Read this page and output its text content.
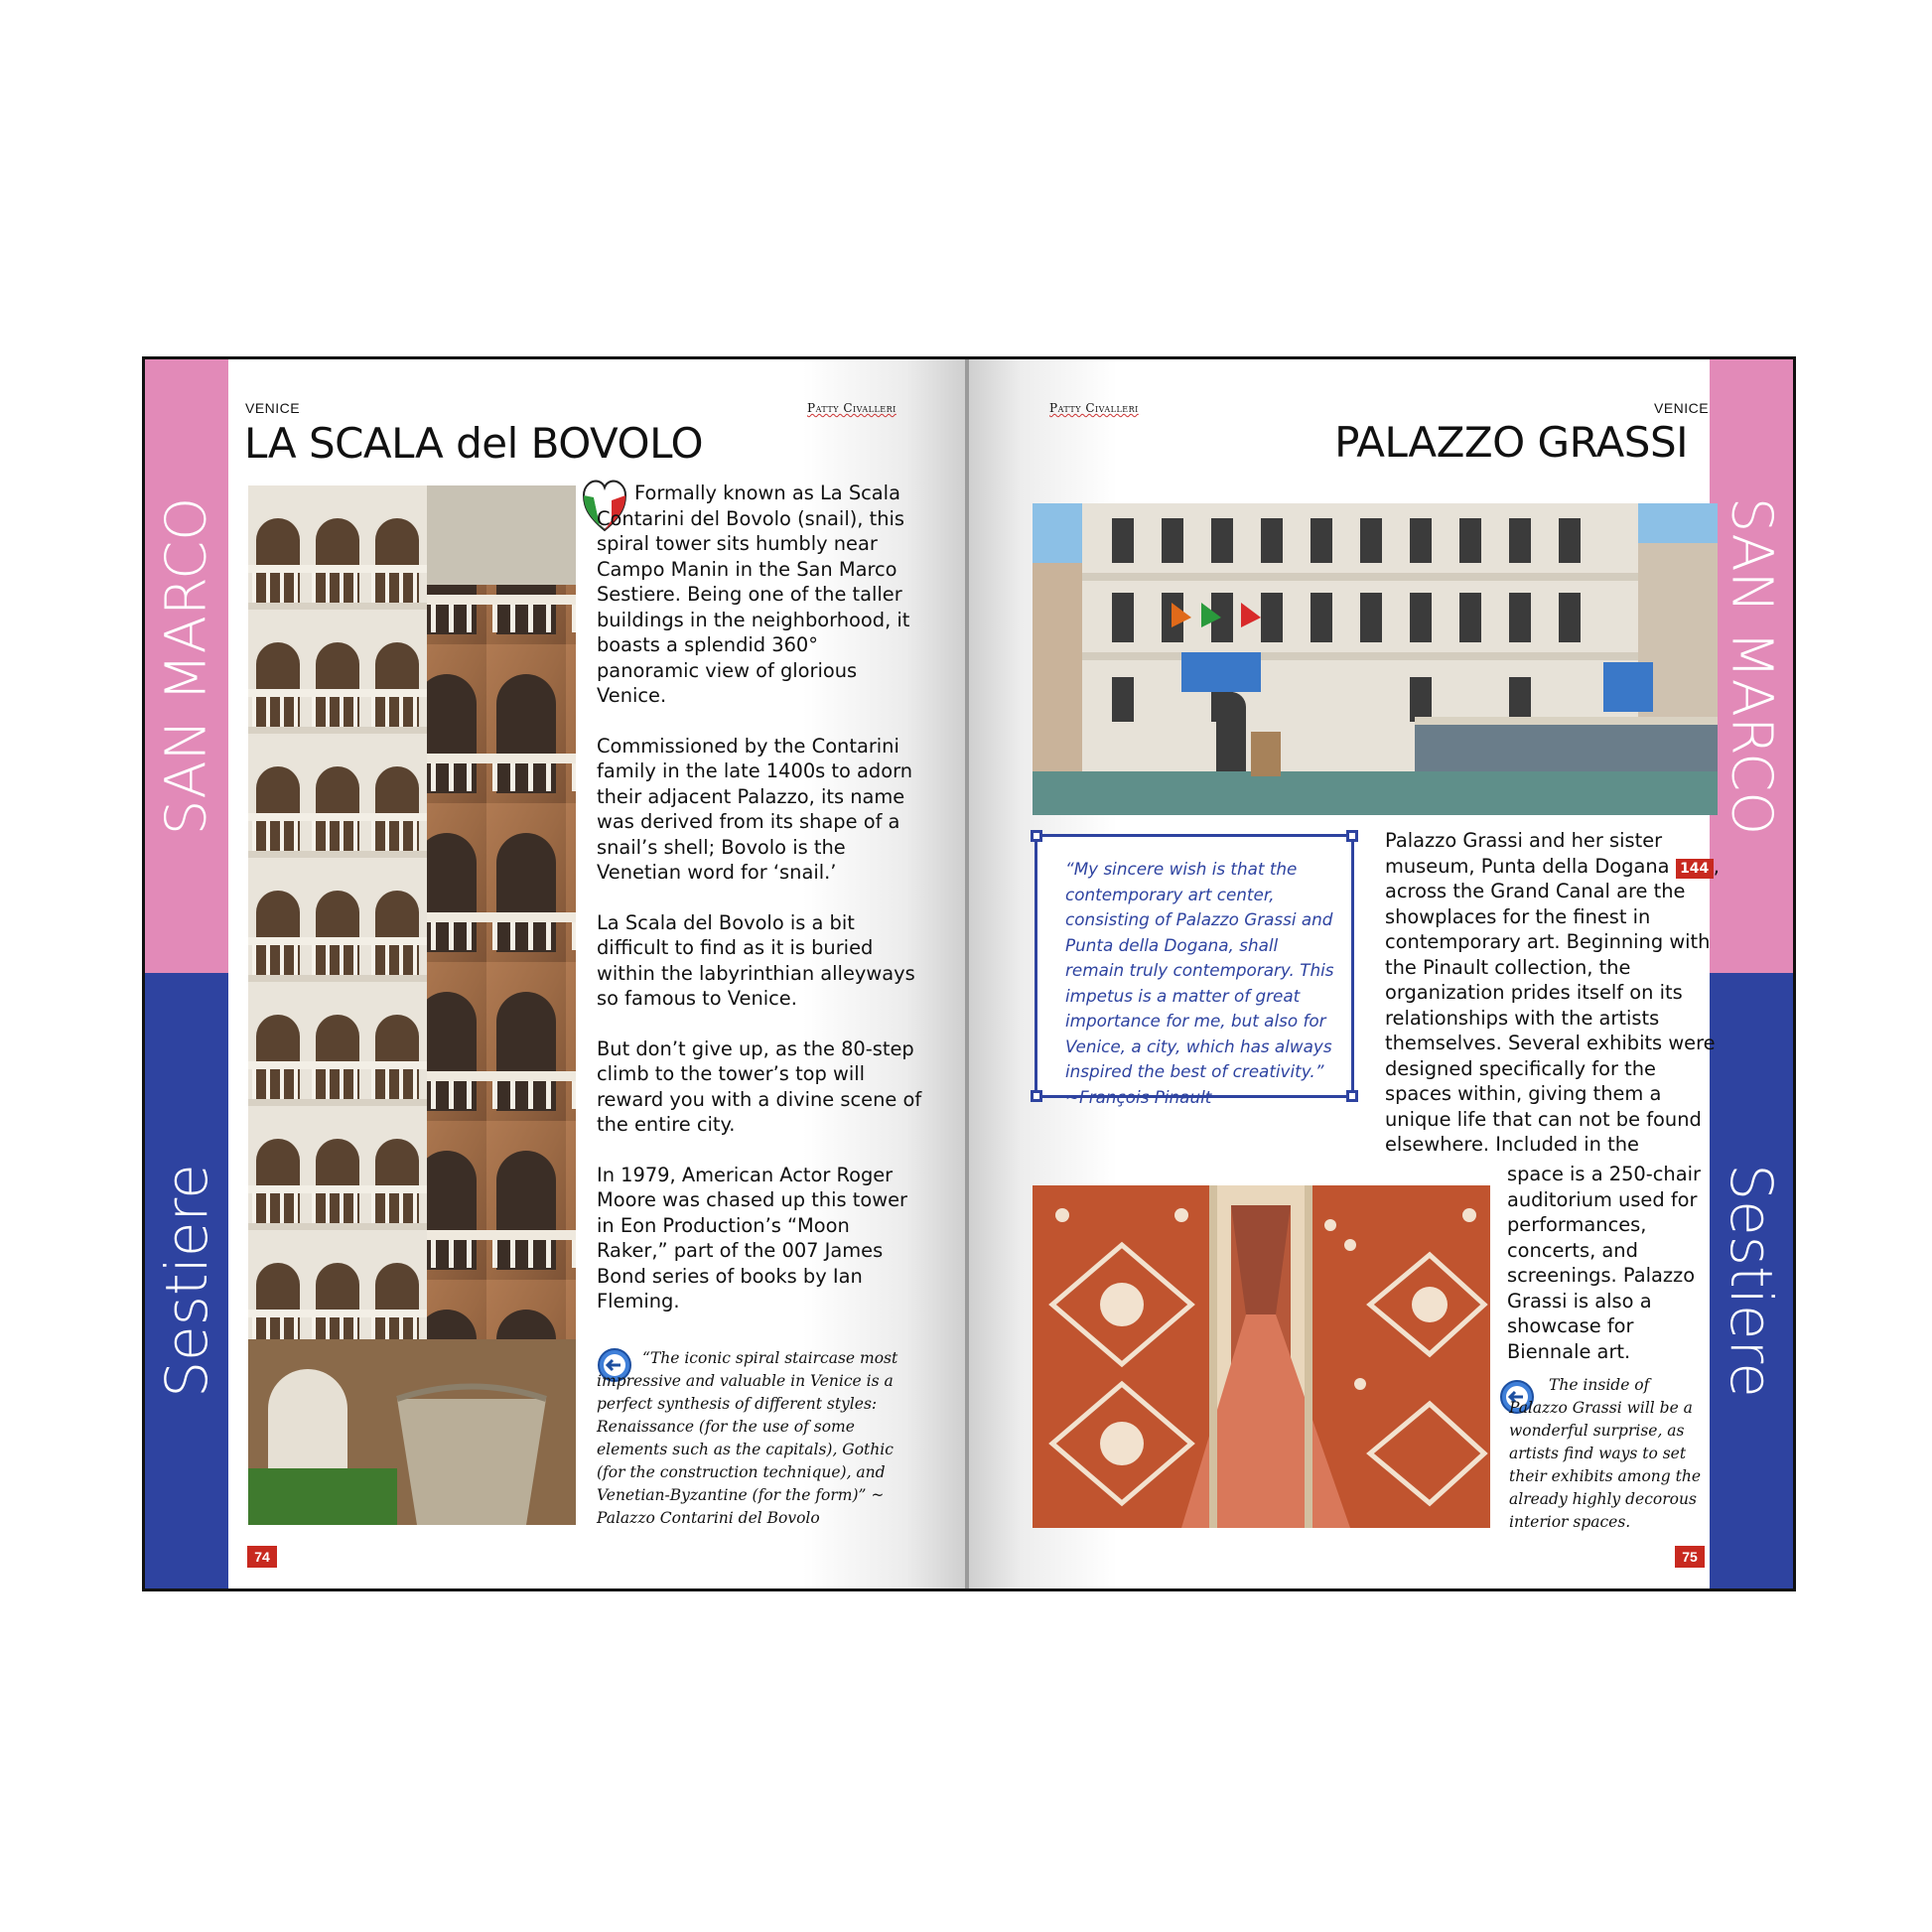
SAN MARCO
Sestiere
SAN MARCO
Sestiere
VENICE	Patty Civalleri
LA SCALA del BOVOLO

Formally known as La Scala Contarini del Bovolo (snail), this spiral tower sits humbly near Campo Manin in the San Marco Sestiere. Being one of the taller buildings in the neighborhood, it boasts a splendid 360° panoramic view of glorious Venice.

Commissioned by the Contarini family in the late 1400s to adorn their adjacent Palazzo, its name was derived from its shape of a snail’s shell; Bovolo is the Venetian word for ‘snail.’

La Scala del Bovolo is a bit difficult to find as it is buried within the labyrinthian alleyways so famous to Venice.

But don’t give up, as the 80-step climb to the tower’s top will reward you with a divine scene of the entire city.

In 1979, American Actor Roger Moore was chased up this tower in Eon Production’s “Moon Raker,” part of the 007 James Bond series of books by Ian Fleming.

“The iconic spiral staircase most impressive and valuable in Venice is a perfect synthesis of different styles: Renaissance (for the use of some elements such as the capitals), Gothic (for the construction technique), and Venetian-Byzantine (for the form)” ~ Palazzo Contarini del Bovolo
74
Patty Civalleri	VENICE
PALAZZO GRASSI
“My sincere wish is that the contemporary art center, consisting of Palazzo Grassi and Punta della Dogana, shall remain truly contemporary. This impetus is a matter of great importance for me, but also for Venice, a city, which has always inspired the best of creativity.” ~François Pinault
Palazzo Grassi and her sister museum, Punta della Dogana 144 , across the Grand Canal are the showplaces for the finest in contemporary art. Beginning with the Pinault collection, the organization prides itself on its relationships with the artists themselves. Several exhibits were designed specifically for the spaces within, giving them a unique life that can not be found elsewhere. Included in the
space is a 250-chair auditorium used for performances, concerts, and screenings. Palazzo Grassi is also a showcase for Biennale art.
The inside of Palazzo Grassi will be a wonderful surprise, as artists find ways to set their exhibits among the already highly decorous interior spaces.
75
